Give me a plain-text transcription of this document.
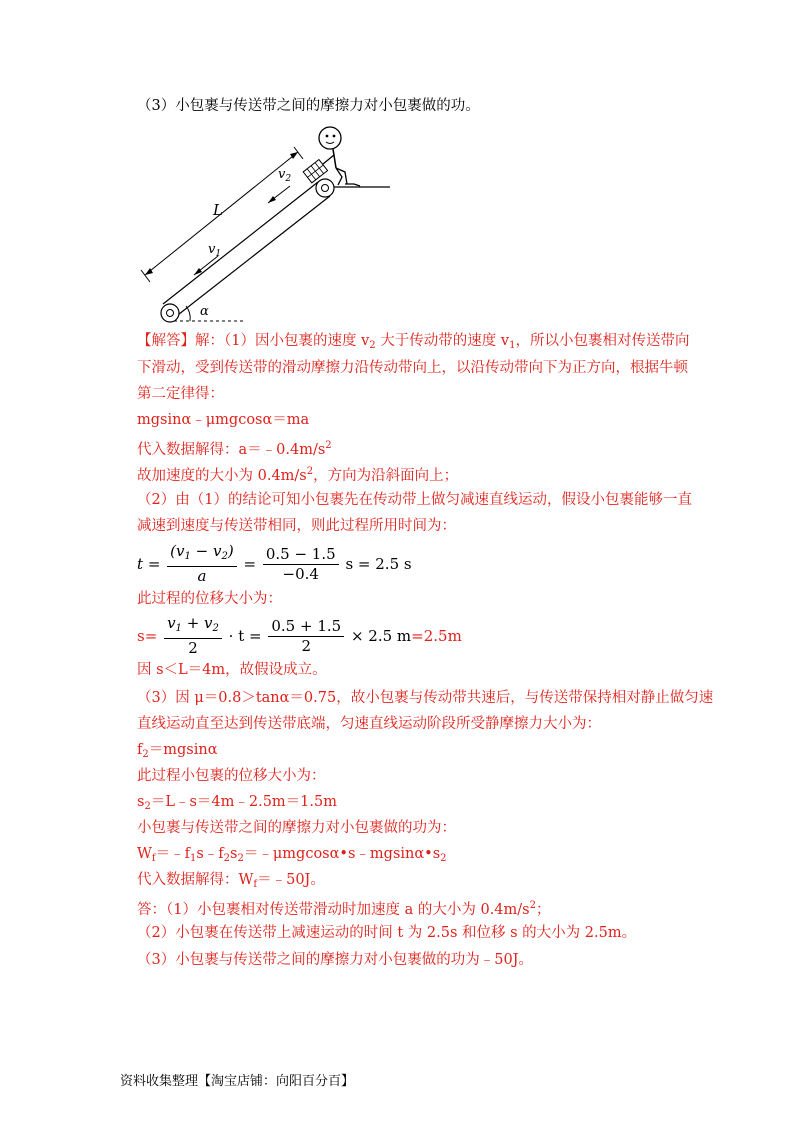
（3）小包裹与传送带之间的摩擦力对小包裹做的功。
L
$v_2$
$v_1$
α
【解答】解：（1）因小包裹的速度 $v_2$ 大于传动带的速度 $v_1$，所以小包裹相对传送带向
下滑动，受到传送带的滑动摩擦力沿传动带向上，以沿传动带向下为正方向，根据牛顿
第二定律得：
mgsinα﹣μmgcosα＝ma
代入数据解得：$a=﹣0.4m/s^2$
故加速度的大小为 $0.4m/s^2$，方向为沿斜面向上；
（2）由（1）的结论可知小包裹先在传动带上做匀减速直线运动，假设小包裹能够一直
减速到速度与传送带相同，则此过程所用时间为：
$t = \frac{(v_1 - v_2)}{a} = \frac{0.5 - 1.5}{-0.4}$ s = 2.5 s
此过程的位移大小为：
$s= \frac{v_1 + v_2}{2} \cdot t = \frac{0.5 + 1.5}{2} \times 2.5$ m=2.5m
因 s＜L＝4m，故假设成立。
（3）因 μ＝0.8＞tanα＝0.75，故小包裹与传动带共速后，与传送带保持相对静止做匀速
直线运动直至达到传送带底端，匀速直线运动阶段所受静摩擦力大小为：
$f_2=mgsin\alpha$
此过程小包裹的位移大小为：
$s_2=L﹣s=4m﹣2.5m=1.5m$
小包裹与传送带之间的摩擦力对小包裹做的功为：
$W_f=﹣f_1s﹣f_2s_2=﹣\mu mgcos\alpha•s﹣mgsin\alpha•s_2$
代入数据解得：$W_f=﹣50J$。
答：（1）小包裹相对传送带滑动时加速度 a 的大小为 $0.4m/s^2$；
（2）小包裹在传送带上减速运动的时间 t 为 2.5s 和位移 s 的大小为 2.5m。
（3）小包裹与传送带之间的摩擦力对小包裹做的功为﹣50J。
资料收集整理【淘宝店铺：向阳百分百】
